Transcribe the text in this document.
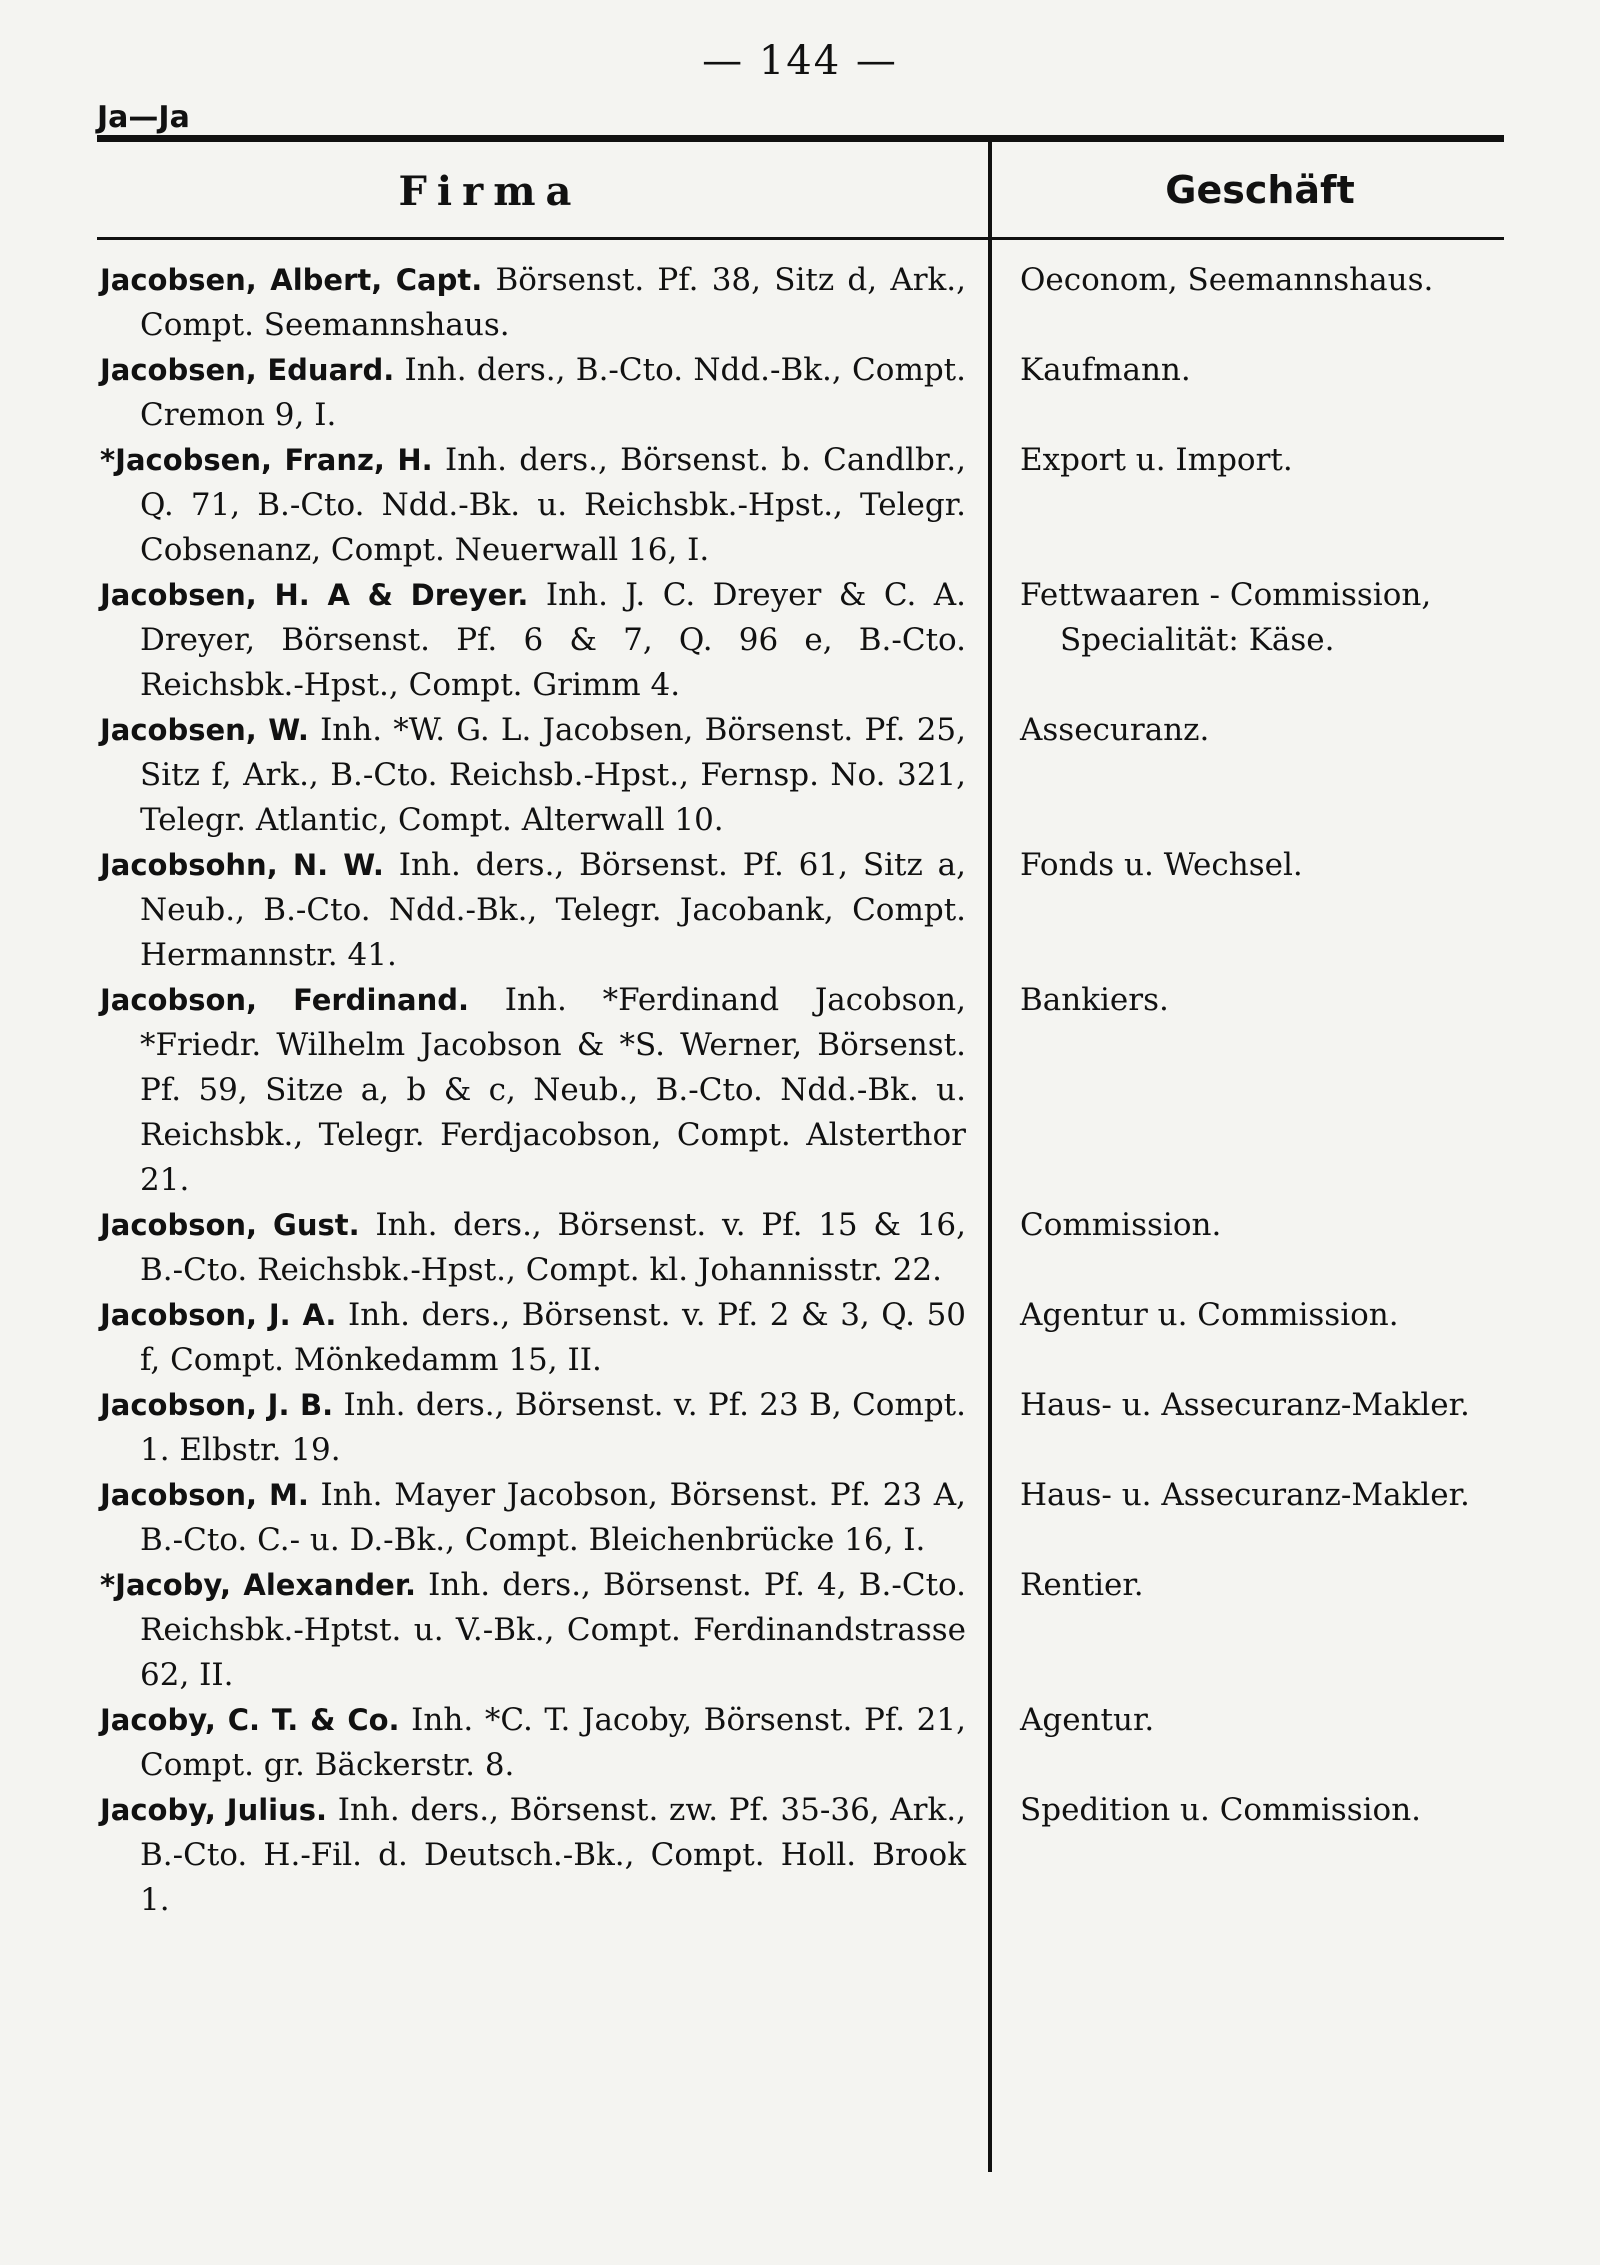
— 144 —
Ja—Ja
Firma	Geschäft
Jacobsen, Albert, Capt. Börsenst. Pf. 38, Sitz d, Ark., Compt. Seemannshaus.
Oeconom, Seemannshaus.
Jacobsen, Eduard. Inh. ders., B.-Cto. Ndd.-Bk., Compt. Cremon 9, I.
Kaufmann.
*Jacobsen, Franz, H. Inh. ders., Börsenst. b. Candlbr., Q. 71, B.-Cto. Ndd.-Bk. u. Reichsbk.-Hpst., Telegr. Cobsenanz, Compt. Neuerwall 16, I.
Export u. Import.
Jacobsen, H. A & Dreyer. Inh. J. C. Dreyer & C. A. Dreyer, Börsenst. Pf. 6 & 7, Q. 96 e, B.-Cto. Reichsbk.-Hpst., Compt. Grimm 4.
Fettwaaren - Commission, Specialität: Käse.
Jacobsen, W. Inh. *W. G. L. Jacobsen, Börsenst. Pf. 25, Sitz f, Ark., B.-Cto. Reichsb.-Hpst., Fernsp. No. 321, Telegr. Atlantic, Compt. Alterwall 10.
Assecuranz.
Jacobsohn, N. W. Inh. ders., Börsenst. Pf. 61, Sitz a, Neub., B.-Cto. Ndd.-Bk., Telegr. Jacobank, Compt. Hermannstr. 41.
Fonds u. Wechsel.
Jacobson, Ferdinand. Inh. *Ferdinand Jacobson, *Friedr. Wilhelm Jacobson & *S. Werner, Börsenst. Pf. 59, Sitze a, b & c, Neub., B.-Cto. Ndd.-Bk. u. Reichsbk., Telegr. Ferdjacobson, Compt. Alsterthor 21.
Bankiers.
Jacobson, Gust. Inh. ders., Börsenst. v. Pf. 15 & 16, B.-Cto. Reichsbk.-Hpst., Compt. kl. Johannisstr. 22.
Commission.
Jacobson, J. A. Inh. ders., Börsenst. v. Pf. 2 & 3, Q. 50 f, Compt. Mönkedamm 15, II.
Agentur u. Commission.
Jacobson, J. B. Inh. ders., Börsenst. v. Pf. 23 B, Compt. 1. Elbstr. 19.
Haus- u. Assecuranz-Makler.
Jacobson, M. Inh. Mayer Jacobson, Börsenst. Pf. 23 A, B.-Cto. C.- u. D.-Bk., Compt. Bleichenbrücke 16, I.
Haus- u. Assecuranz-Makler.
*Jacoby, Alexander. Inh. ders., Börsenst. Pf. 4, B.-Cto. Reichsbk.-Hptst. u. V.-Bk., Compt. Ferdinandstrasse 62, II.
Rentier.
Jacoby, C. T. & Co. Inh. *C. T. Jacoby, Börsenst. Pf. 21, Compt. gr. Bäckerstr. 8.
Agentur.
Jacoby, Julius. Inh. ders., Börsenst. zw. Pf. 35-36, Ark., B.-Cto. H.-Fil. d. Deutsch.-Bk., Compt. Holl. Brook 1.
Spedition u. Commission.
